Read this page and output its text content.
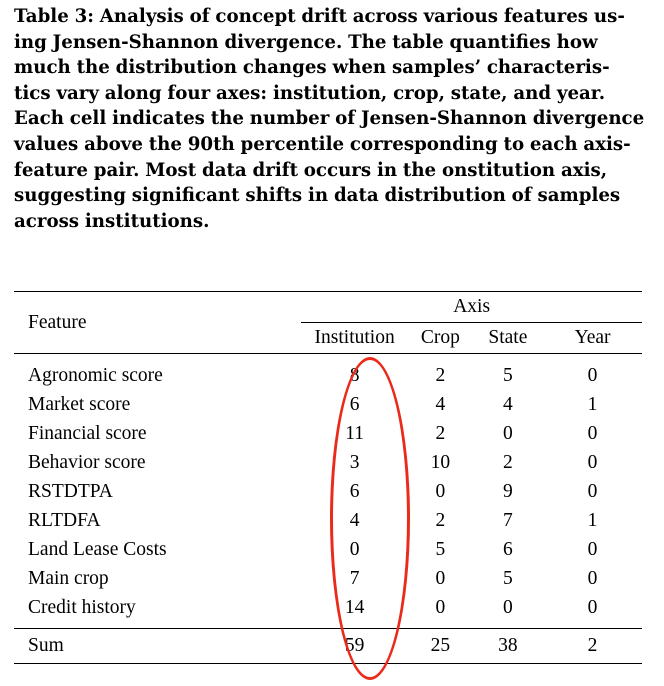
Table 3: Analysis of concept drift across various features us-
ing Jensen-Shannon divergence. The table quantifies how
much the distribution changes when samples’ characteris-
tics vary along four axes: institution, crop, state, and year.
Each cell indicates the number of Jensen-Shannon divergence
values above the 90th percentile corresponding to each axis-
feature pair. Most data drift occurs in the onstitution axis,
suggesting significant shifts in data distribution of samples
across institutions.
Feature	Axis			
	Institution	Crop	State	Year
Agronomic score	8	2	5	0
Market score	6	4	4	1
Financial score	11	2	0	0
Behavior score	3	10	2	0
RSTDTPA	6	0	9	0
RLTDFA	4	2	7	1
Land Lease Costs	0	5	6	0
Main crop	7	0	5	0
Credit history	14	0	0	0
Sum	59	25	38	2
